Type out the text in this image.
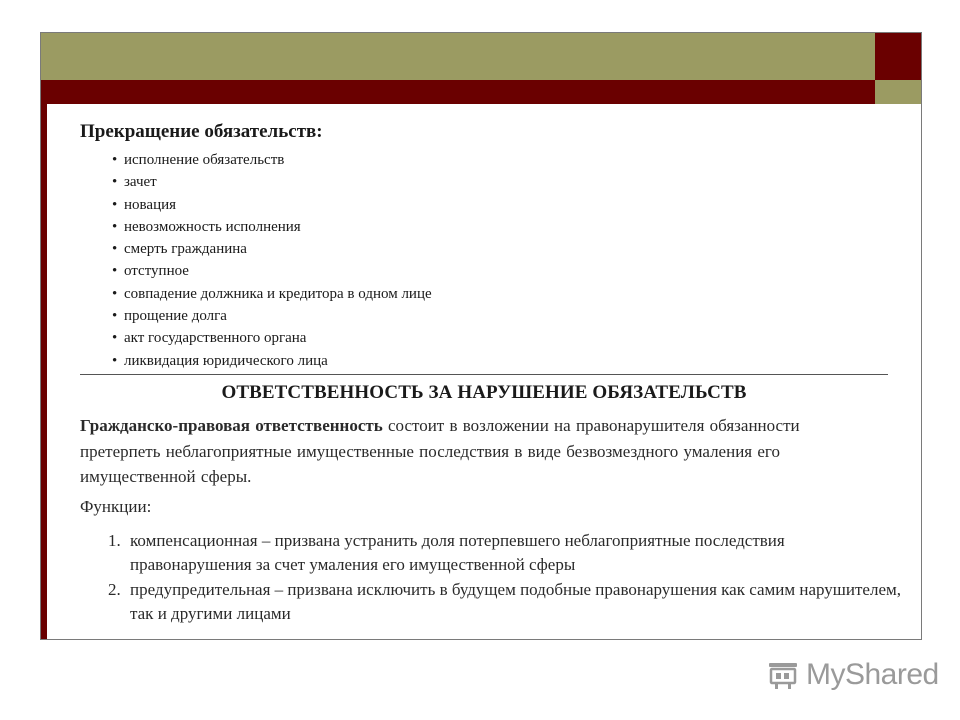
Прекращение обязательств:
• исполнение обязательств
• зачет
• новация
• невозможность исполнения
• смерть гражданина
• отступное
• совпадение должника и кредитора в одном лице
• прощение долга
• акт государственного органа
• ликвидация юридического лица
ОТВЕТСТВЕННОСТЬ ЗА НАРУШЕНИЕ ОБЯЗАТЕЛЬСТВ

Гражданско-правовая ответственность состоит в возложении на правонарушителя обязанности претерпеть неблагоприятные имущественные последствия в виде безвозмездного умаления его имущественной сферы.

Функции:

1. компенсационная – призвана устранить доля потерпевшего неблагоприятные последствия правонарушения за счет умаления его имущественной сферы
2. предупредительная – призвана исключить в будущем подобные правонарушения как самим нарушителем, так и другими лицами
MyShared
